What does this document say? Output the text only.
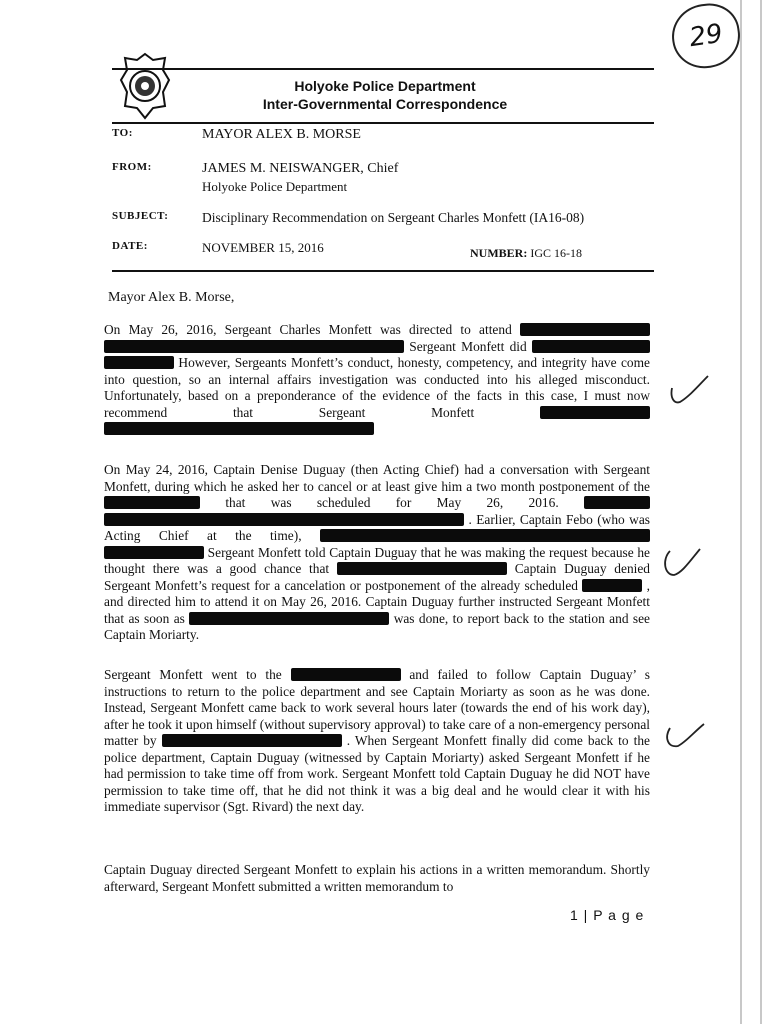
29
Holyoke Police Department
Inter-Governmental Correspondence
TO:	MAYOR ALEX B. MORSE
FROM:	JAMES M. NEISWANGER, Chief
Holyoke Police Department
SUBJECT: Disciplinary Recommendation on Sergeant Charles Monfett (IA16-08)
DATE:	NOVEMBER 15, 2016	NUMBER: IGC 16-18
Mayor Alex B. Morse,

On May 26, 2016, Sergeant Charles Monfett was directed to attend   Sergeant Monfett did   However, Sergeants Monfett’s conduct, honesty, competency, and integrity have come into question, so an internal affairs investigation was conducted into his alleged misconduct. Unfortunately, based on a preponderance of the evidence of the facts in this case, I must now recommend that Sergeant Monfett

On May 24, 2016, Captain Denise Duguay (then Acting Chief) had a conversation with Sergeant Monfett, during which he asked her to cancel or at least give him a two month postponement of the  that was scheduled for May 26, 2016.   . Earlier, Captain Febo (who was Acting Chief at the time),   Sergeant Monfett told Captain Duguay that he was making the request because he thought there was a good chance that	Captain Duguay denied Sergeant Monfett’s request for a cancelation or postponement of the already scheduled	, and directed him to attend it on May 26, 2016. Captain Duguay further instructed Sergeant Monfett that as soon as	was done, to report back to the station and see Captain Moriarty.

Sergeant Monfett went to the	and failed to follow Captain Duguay’ s instructions to return to the police department and see Captain Moriarty as soon as he was done. Instead, Sergeant Monfett came back to work several hours later (towards the end of his work day), after he took it upon himself (without supervisory approval) to take care of a non-emergency personal matter by	. When Sergeant Monfett finally did come back to the police department, Captain Duguay (witnessed by Captain Moriarty) asked Sergeant Monfett if he had permission to take time off from work. Sergeant Monfett told Captain Duguay he did NOT have permission to take time off, that he did not think it was a big deal and he would clear it with his immediate supervisor (Sgt. Rivard) the next day.

Captain Duguay directed Sergeant Monfett to explain his actions in a written memorandum. Shortly afterward, Sergeant Monfett submitted a written memorandum to

1 | P a g e
